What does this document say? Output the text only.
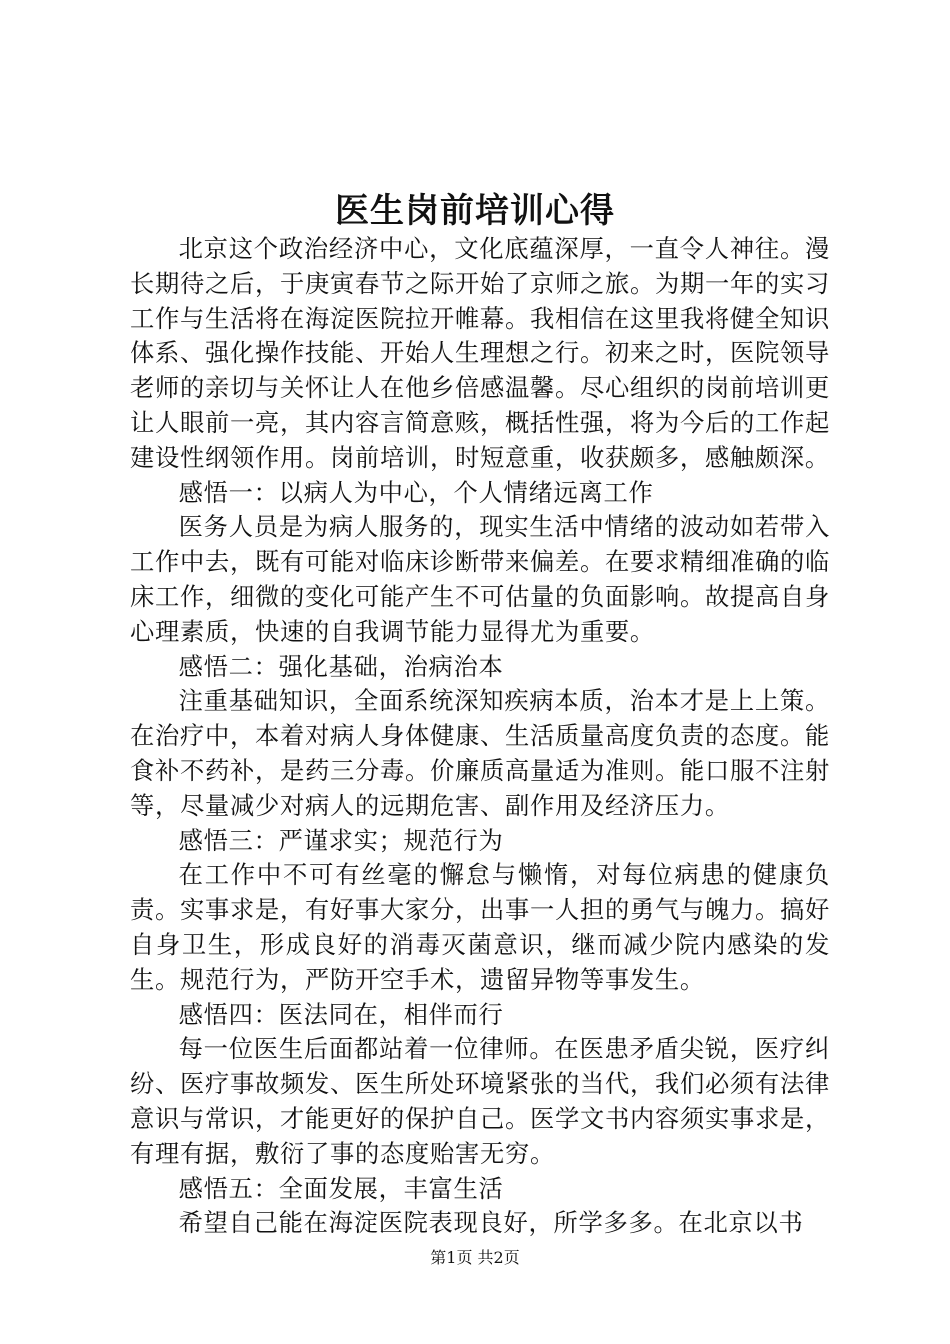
医生岗前培训心得

北京这个政治经济中心，文化底蕴深厚，一直令人神往。漫长期待之后，于庚寅春节之际开始了京师之旅。为期一年的实习工作与生活将在海淀医院拉开帷幕。我相信在这里我将健全知识体系、强化操作技能、开始人生理想之行。初来之时，医院领导老师的亲切与关怀让人在他乡倍感温馨。尽心组织的岗前培训更让人眼前一亮，其内容言简意赅，概括性强，将为今后的工作起建设性纲领作用。岗前培训，时短意重，收获颇多，感触颇深。

感悟一：以病人为中心，个人情绪远离工作

医务人员是为病人服务的，现实生活中情绪的波动如若带入工作中去，既有可能对临床诊断带来偏差。在要求精细准确的临床工作，细微的变化可能产生不可估量的负面影响。故提高自身心理素质，快速的自我调节能力显得尤为重要。

感悟二：强化基础，治病治本

注重基础知识，全面系统深知疾病本质，治本才是上上策。在治疗中，本着对病人身体健康、生活质量高度负责的态度。能食补不药补，是药三分毒。价廉质高量适为准则。能口服不注射等，尽量减少对病人的远期危害、副作用及经济压力。

感悟三：严谨求实；规范行为

在工作中不可有丝毫的懈怠与懒惰，对每位病患的健康负责。实事求是，有好事大家分，出事一人担的勇气与魄力。搞好自身卫生，形成良好的消毒灭菌意识，继而减少院内感染的发生。规范行为，严防开空手术，遗留异物等事发生。

感悟四：医法同在，相伴而行

每一位医生后面都站着一位律师。在医患矛盾尖锐，医疗纠纷、医疗事故频发、医生所处环境紧张的当代，我们必须有法律意识与常识，才能更好的保护自己。医学文书内容须实事求是，有理有据，敷衍了事的态度贻害无穷。

感悟五：全面发展，丰富生活

希望自己能在海淀医院表现良好，所学多多。在北京以书

第1页 共2页
